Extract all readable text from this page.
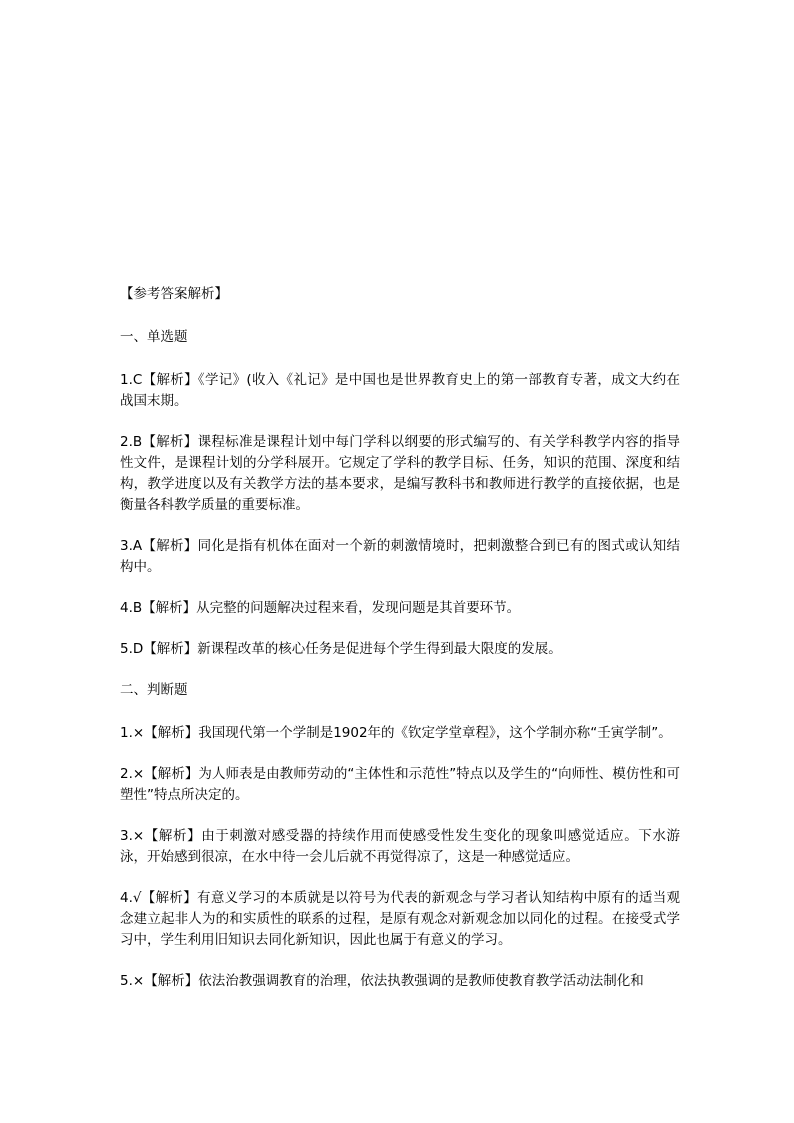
【参考答案解析】
一、单选题
1.C【解析】《学记》(收入《礼记》是中国也是世界教育史上的第一部教育专著，成文大约在战国末期。
2.B【解析】课程标准是课程计划中每门学科以纲要的形式编写的、有关学科教学内容的指导性文件，是课程计划的分学科展开。它规定了学科的教学目标、任务，知识的范围、深度和结构，教学进度以及有关教学方法的基本要求，是编写教科书和教师进行教学的直接依据，也是衡量各科教学质量的重要标准。
3.A【解析】同化是指有机体在面对一个新的刺激情境时，把刺激整合到已有的图式或认知结构中。
4.B【解析】从完整的问题解决过程来看，发现问题是其首要环节。
5.D【解析】新课程改革的核心任务是促进每个学生得到最大限度的发展。
二、判断题
1.×【解析】我国现代第一个学制是1902年的《钦定学堂章程》，这个学制亦称“壬寅学制”。
2.×【解析】为人师表是由教师劳动的“主体性和示范性”特点以及学生的“向师性、模仿性和可塑性”特点所决定的。
3.×【解析】由于刺激对感受器的持续作用而使感受性发生变化的现象叫感觉适应。下水游泳，开始感到很凉，在水中待一会儿后就不再觉得凉了，这是一种感觉适应。
4.√【解析】有意义学习的本质就是以符号为代表的新观念与学习者认知结构中原有的适当观念建立起非人为的和实质性的联系的过程，是原有观念对新观念加以同化的过程。在接受式学习中，学生利用旧知识去同化新知识，因此也属于有意义的学习。
5.×【解析】依法治教强调教育的治理，依法执教强调的是教师使教育教学活动法制化和
